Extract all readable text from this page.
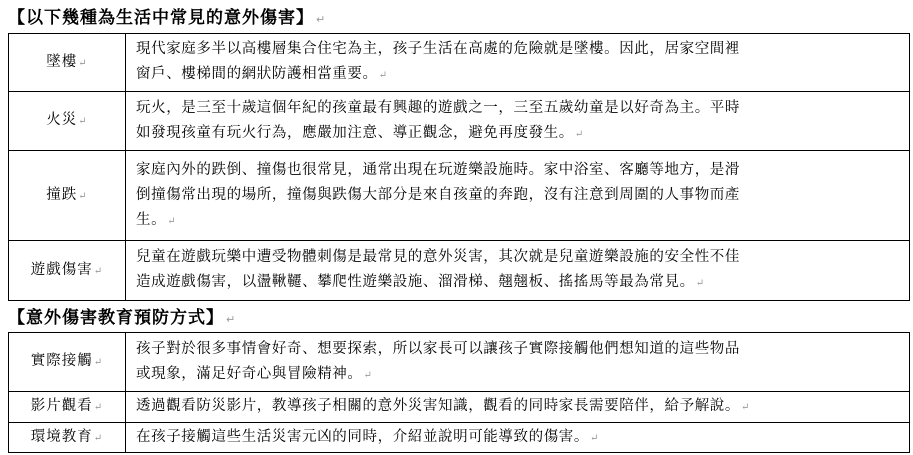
【以下幾種為生活中常見的意外傷害】 ↵
墜樓↵	現代家庭多半以高樓層集合住宅為主，孩子生活在高處的危險就是墜樓。因此，居家空間裡
窗戶、樓梯間的網狀防護相當重要。↵

火災↵	玩火，是三至十歲這個年紀的孩童最有興趣的遊戲之一，三至五歲幼童是以好奇為主。平時
如發現孩童有玩火行為，應嚴加注意、導正觀念，避免再度發生。↵

撞跌↵	家庭內外的跌倒、撞傷也很常見，通常出現在玩遊樂設施時。家中浴室、客廳等地方，是滑
倒撞傷常出現的場所，撞傷與跌傷大部分是來自孩童的奔跑，沒有注意到周圍的人事物而產
生。↵

遊戲傷害↵	兒童在遊戲玩樂中遭受物體刺傷是最常見的意外災害，其次就是兒童遊樂設施的安全性不佳
造成遊戲傷害，以盪鞦韆、攀爬性遊樂設施、溜滑梯、翹翹板、搖搖馬等最為常見。↵
【意外傷害教育預防方式】 ↵
實際接觸↵	孩子對於很多事情會好奇、想要探索，所以家長可以讓孩子實際接觸他們想知道的這些物品
或現象，滿足好奇心與冒險精神。↵

影片觀看↵	透過觀看防災影片，教導孩子相關的意外災害知識，觀看的同時家長需要陪伴，給予解說。↵

環境教育↵	在孩子接觸這些生活災害元凶的同時，介紹並說明可能導致的傷害。↵
